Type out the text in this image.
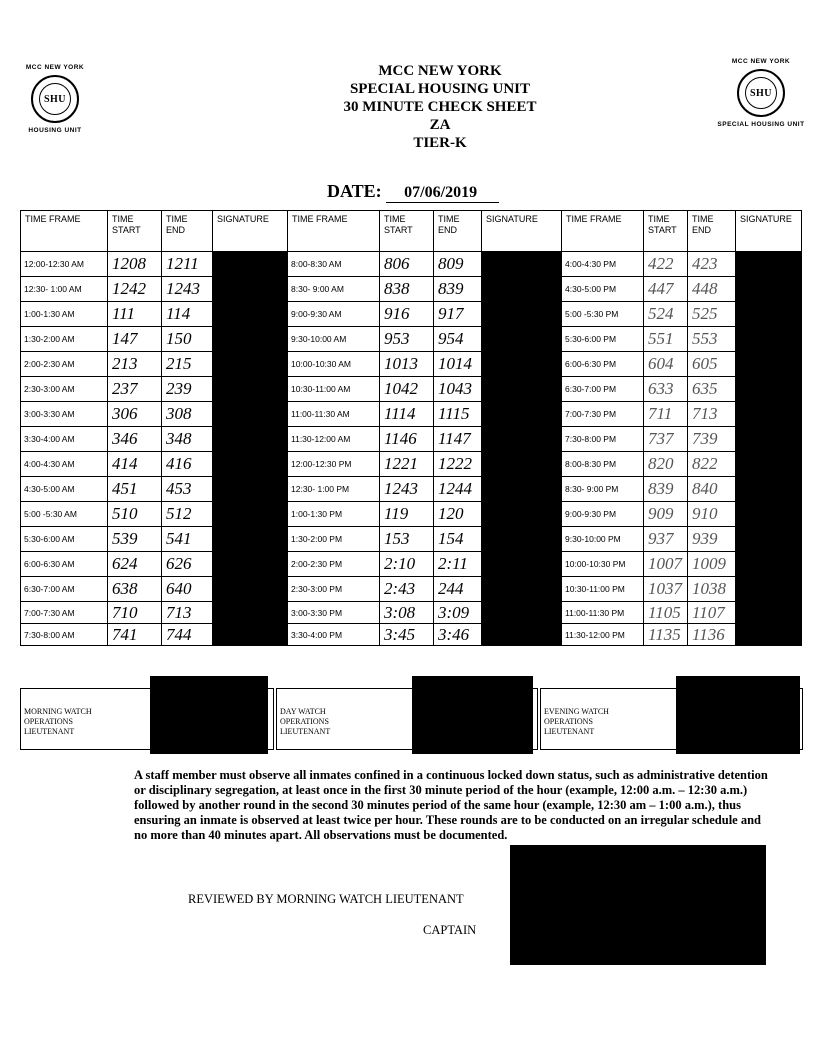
MCC NEW YORK
SHU
HOUSING UNIT
MCC NEW YORK
SHU
SPECIAL HOUSING UNIT
MCC NEW YORK
SPECIAL HOUSING UNIT
30 MINUTE CHECK SHEET
ZA
TIER-K
DATE: 07/06/2019
TIME FRAME	TIME START	TIME END	SIGNATURE	TIME FRAME	TIME START	TIME END	SIGNATURE	TIME FRAME	TIME START	TIME END	SIGNATURE
12:00-12:30 AM	1208	1211		8:00-8:30 AM	806	809		4:00-4:30 PM	422	423	
12:30- 1:00 AM	1242	1243		8:30- 9:00 AM	838	839		4:30-5:00 PM	447	448	
1:00-1:30 AM	111	114		9:00-9:30 AM	916	917		5:00 -5:30 PM	524	525	
1:30-2:00 AM	147	150		9:30-10:00 AM	953	954		5:30-6:00 PM	551	553	
2:00-2:30 AM	213	215		10:00-10:30 AM	1013	1014		6:00-6:30 PM	604	605	
2:30-3:00 AM	237	239		10:30-11:00 AM	1042	1043		6:30-7:00 PM	633	635	
3:00-3:30 AM	306	308		11:00-11:30 AM	1114	1115		7:00-7:30 PM	711	713	
3:30-4:00 AM	346	348		11:30-12:00 AM	1146	1147		7:30-8:00 PM	737	739	
4:00-4:30 AM	414	416		12:00-12:30 PM	1221	1222		8:00-8:30 PM	820	822	
4:30-5:00 AM	451	453		12:30- 1:00 PM	1243	1244		8:30- 9:00 PM	839	840	
5:00 -5:30 AM	510	512		1:00-1:30 PM	119	120		9:00-9:30 PM	909	910	
5:30-6:00 AM	539	541		1:30-2:00 PM	153	154		9:30-10:00 PM	937	939	
6:00-6:30 AM	624	626		2:00-2:30 PM	2:10	2:11		10:00-10:30 PM	1007	1009	
6:30-7:00 AM	638	640		2:30-3:00 PM	2:43	244		10:30-11:00 PM	1037	1038	
7:00-7:30 AM	710	713		3:00-3:30 PM	3:08	3:09		11:00-11:30 PM	1105	1107	
7:30-8:00 AM	741	744		3:30-4:00 PM	3:45	3:46		11:30-12:00 PM	1135	1136	
MORNING WATCH
OPERATIONS
LIEUTENANT
DAY WATCH
OPERATIONS
LIEUTENANT
EVENING WATCH
OPERATIONS
LIEUTENANT
A staff member must observe all inmates confined in a continuous locked down status, such as administrative detention or disciplinary segregation, at least once in the first 30 minute period of the hour (example, 12:00 a.m. – 12:30 a.m.) followed by another round in the second 30 minutes period of the same hour (example, 12:30 am – 1:00 a.m.), thus ensuring an inmate is observed at least twice per hour. These rounds are to be conducted on an irregular schedule and no more than 40 minutes apart. All observations must be documented.
REVIEWED BY MORNING WATCH LIEUTENANT
CAPTAIN
